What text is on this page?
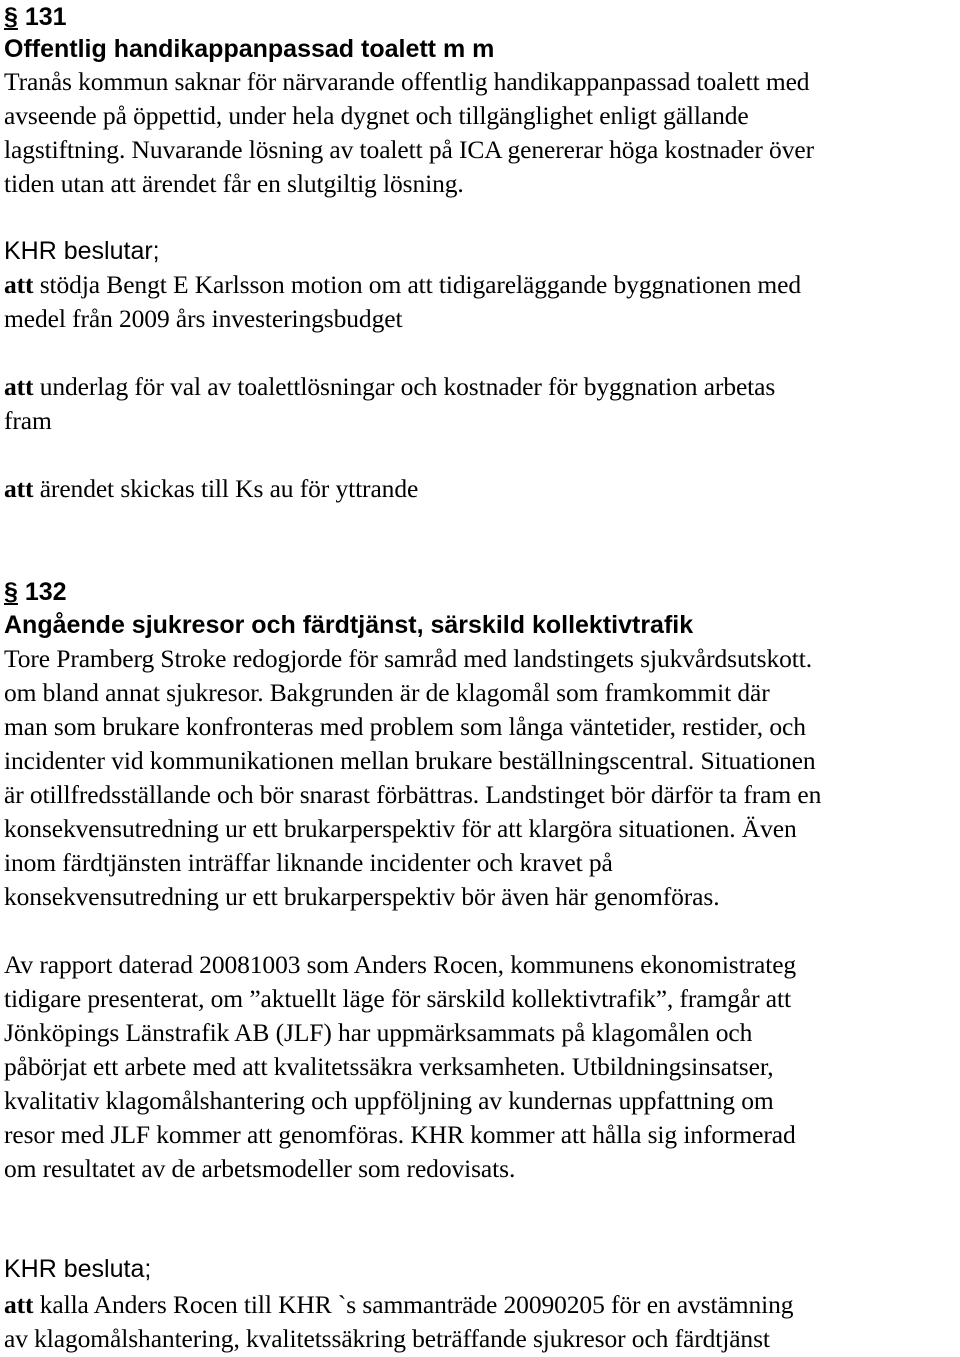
§ 131
Offentlig handikappanpassad toalett m m
Tranås kommun saknar för närvarande offentlig handikappanpassad toalett med
avseende på öppettid, under hela dygnet och tillgänglighet enligt gällande
lagstiftning. Nuvarande lösning av toalett på ICA genererar höga kostnader över
tiden utan att ärendet får en slutgiltig lösning.
KHR beslutar;
att stödja Bengt E Karlsson motion om att tidigareläggande byggnationen med
medel från 2009 års investeringsbudget
att underlag för val av toalettlösningar och kostnader för byggnation arbetas
fram
att ärendet skickas till Ks au för yttrande
§ 132
Angående sjukresor och färdtjänst, särskild kollektivtrafik
Tore Pramberg Stroke redogjorde för samråd med landstingets sjukvårdsutskott.
om bland annat sjukresor. Bakgrunden är de klagomål som framkommit där
man som brukare konfronteras med problem som långa väntetider, restider, och
incidenter vid kommunikationen mellan brukare beställningscentral. Situationen
är otillfredsställande och bör snarast förbättras. Landstinget bör därför ta fram en
konsekvensutredning ur ett brukarperspektiv för att klargöra situationen. Även
inom färdtjänsten inträffar liknande incidenter och kravet på
konsekvensutredning ur ett brukarperspektiv bör även här genomföras.
Av rapport daterad 20081003 som Anders Rocen, kommunens ekonomistrateg
tidigare presenterat, om ”aktuellt läge för särskild kollektivtrafik”, framgår att
Jönköpings Länstrafik AB (JLF) har uppmärksammats på klagomålen och
påbörjat ett arbete med att kvalitetssäkra verksamheten. Utbildningsinsatser,
kvalitativ klagomålshantering och uppföljning av kundernas uppfattning om
resor med JLF kommer att genomföras. KHR kommer att hålla sig informerad
om resultatet av de arbetsmodeller som redovisats.
KHR besluta;
att kalla Anders Rocen till KHR `s sammanträde 20090205 för en avstämning
av klagomålshantering, kvalitetssäkring beträffande sjukresor och färdtjänst
